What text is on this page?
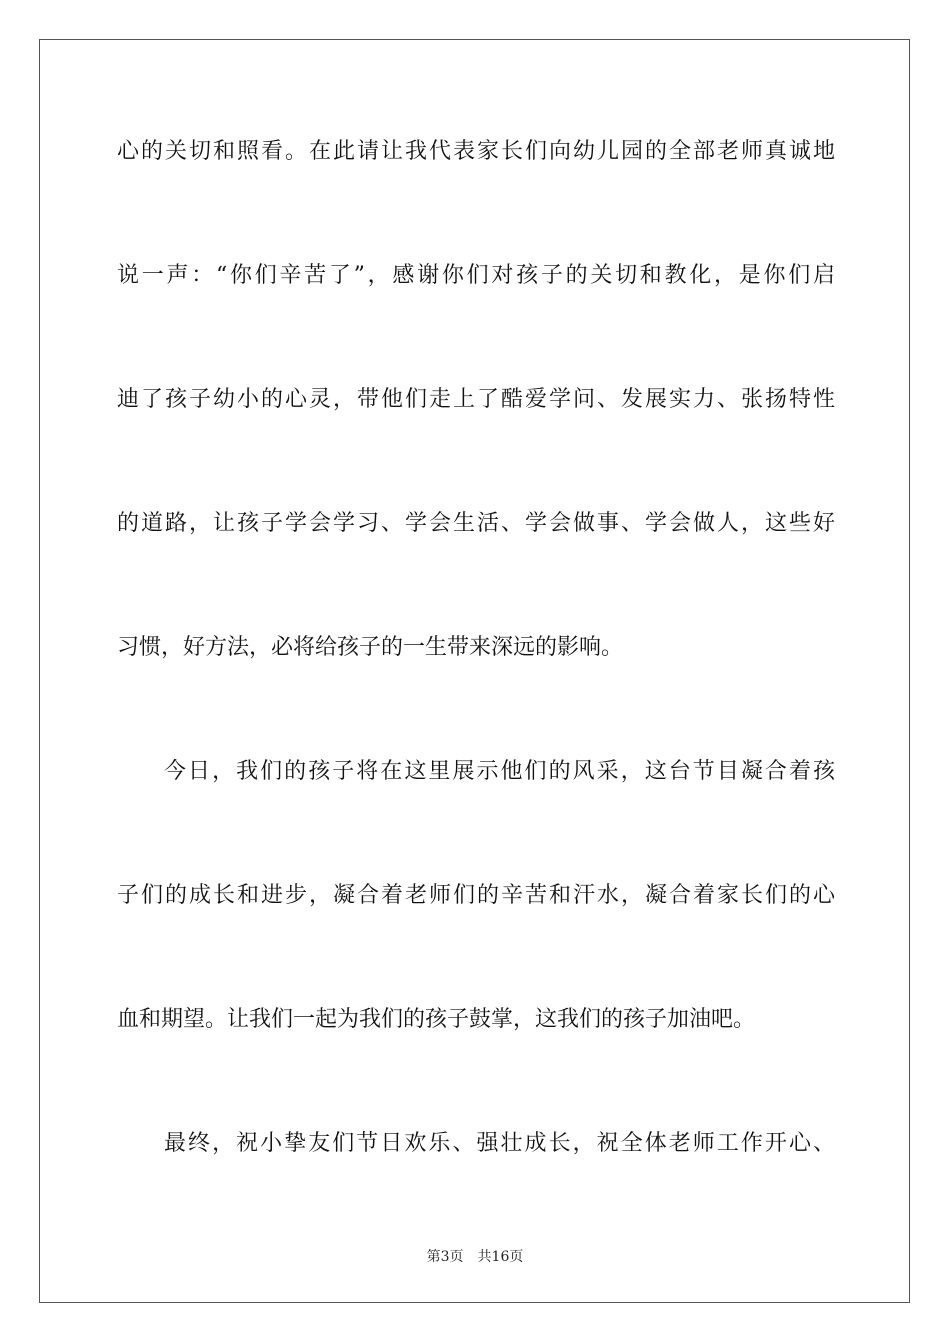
心的关切和照看。在此请让我代表家长们向幼儿园的全部老师真诚地
说一声：“你们辛苦了”，感谢你们对孩子的关切和教化，是你们启
迪了孩子幼小的心灵，带他们走上了酷爱学问、发展实力、张扬特性
的道路，让孩子学会学习、学会生活、学会做事、学会做人，这些好
习惯，好方法，必将给孩子的一生带来深远的影响。
今日，我们的孩子将在这里展示他们的风采，这台节目凝合着孩
子们的成长和进步，凝合着老师们的辛苦和汗水，凝合着家长们的心
血和期望。让我们一起为我们的孩子鼓掌，这我们的孩子加油吧。
最终，祝小挚友们节日欢乐、强壮成长，祝全体老师工作开心、
第3页 共16页
